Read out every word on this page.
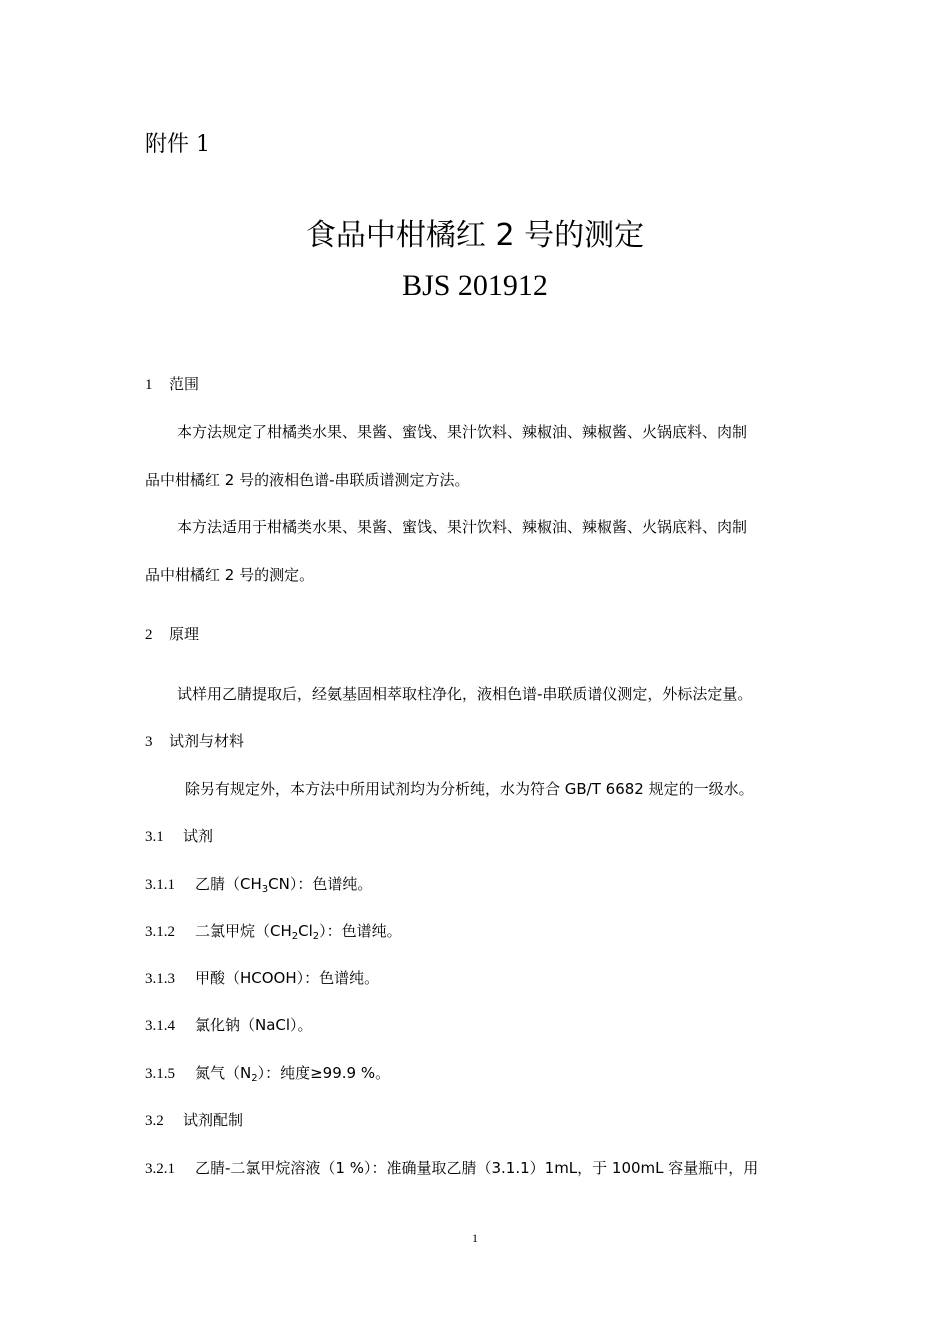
附件 1
食品中柑橘红 2 号的测定
BJS 201912
1 范围
本方法规定了柑橘类水果、果酱、蜜饯、果汁饮料、辣椒油、辣椒酱、火锅底料、肉制
品中柑橘红 2 号的液相色谱-串联质谱测定方法。
本方法适用于柑橘类水果、果酱、蜜饯、果汁饮料、辣椒油、辣椒酱、火锅底料、肉制
品中柑橘红 2 号的测定。
2 原理
试样用乙腈提取后，经氨基固相萃取柱净化，液相色谱-串联质谱仪测定，外标法定量。
3 试剂与材料
除另有规定外，本方法中所用试剂均为分析纯，水为符合 GB/T 6682 规定的一级水。
3.1 试剂
3.1.1 乙腈$(CH_3CN)$：色谱纯。
3.1.2 二氯甲烷$(CH_2Cl_2)$：色谱纯。
3.1.3 甲酸（HCOOH）：色谱纯。
3.1.4 氯化钠（NaCl）。
3.1.5 氮气$(N_2)$：纯度≥99.9 %。
3.2 试剂配制
3.2.1 乙腈-二氯甲烷溶液（1 %）：准确量取乙腈（3.1.1）1mL，于 100mL 容量瓶中，用
1
